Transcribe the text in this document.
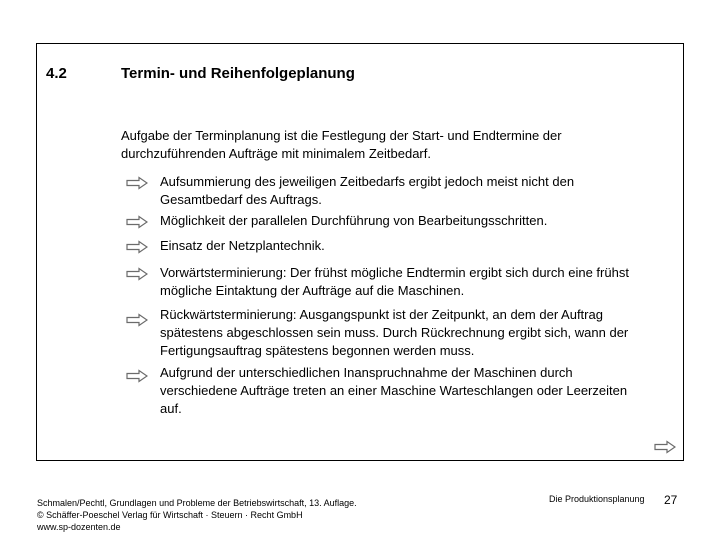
4.2	Termin- und Reihenfolgeplanung
Aufgabe der Terminplanung ist die Festlegung der Start- und Endtermine der durchzuführenden Aufträge mit minimalem Zeitbedarf.
Aufsummierung des jeweiligen Zeitbedarfs ergibt jedoch meist nicht den Gesamtbedarf des Auftrags.
Möglichkeit der parallelen Durchführung von Bearbeitungsschritten.
Einsatz der Netzplantechnik.
Vorwärtsterminierung: Der frühst mögliche Endtermin ergibt sich durch eine frühst mögliche Eintaktung der Aufträge auf die Maschinen.
Rückwärtsterminierung: Ausgangspunkt ist der Zeitpunkt, an dem der Auftrag spätestens abgeschlossen sein muss. Durch Rückrechnung ergibt sich, wann der Fertigungsauftrag spätestens begonnen werden muss.
Aufgrund der unterschiedlichen Inanspruchnahme der Maschinen durch verschiedene Aufträge treten an einer Maschine Warteschlangen oder Leerzeiten auf.
Schmalen/Pechtl, Grundlagen und Probleme der Betriebswirtschaft, 13. Auflage.
© Schäffer-Poeschel Verlag für Wirtschaft · Steuern · Recht GmbH
www.sp-dozenten.de
Die Produktionsplanung 27
